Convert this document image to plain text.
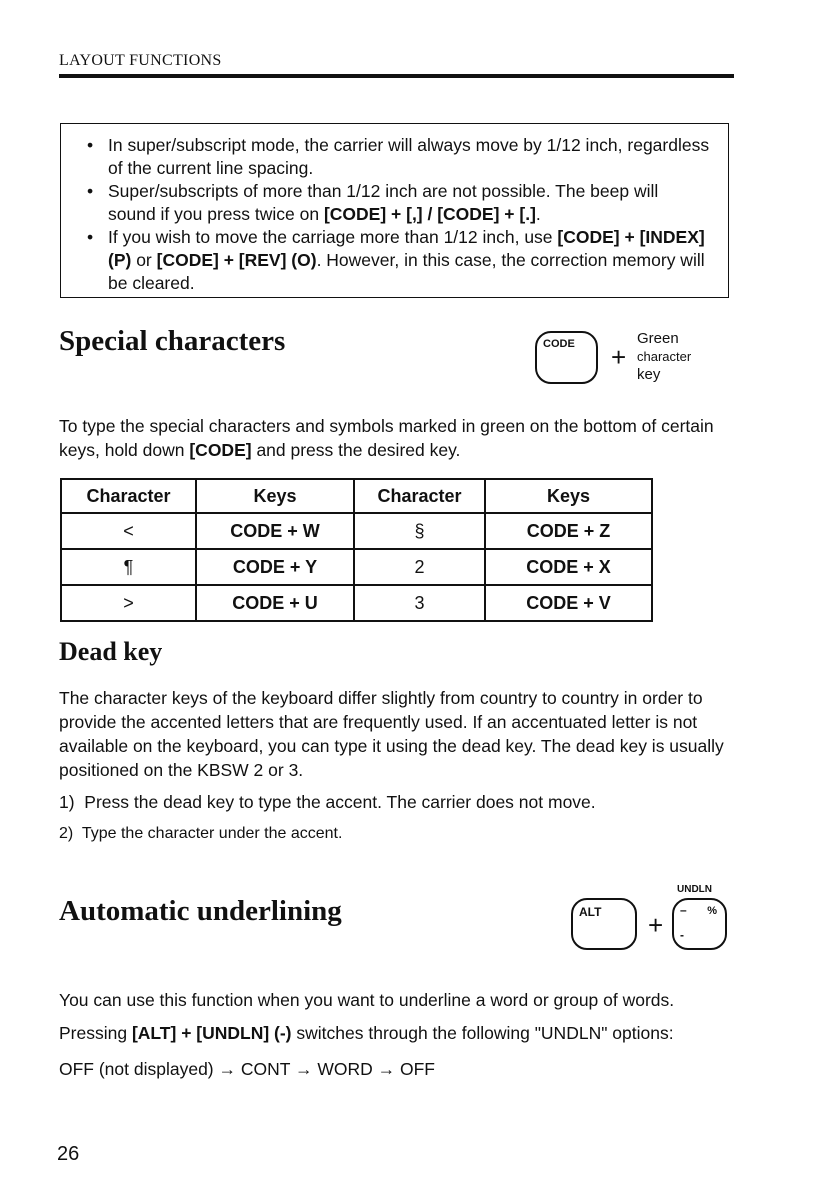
LAYOUT FUNCTIONS
• In super/subscript mode, the carrier will always move by 1/12 inch, regardless of the current line spacing.
• Super/subscripts of more than 1/12 inch are not possible. The beep will sound if you press twice on [CODE] + [,] / [CODE] + [.].
• If you wish to move the carriage more than 1/12 inch, use [CODE] + [INDEX] (P) or [CODE] + [REV] (O). However, in this case, the correction memory will be cleared.
Special characters	CODE +
Green
character
key
To type the special characters and symbols marked in green on the bottom of certain keys, hold down [CODE] and press the desired key.
Character	Keys	Character	Keys
<	CODE + W	§	CODE + Z
¶	CODE + Y	2	CODE + X
>	CODE + U	3	CODE + V
Dead key
The character keys of the keyboard differ slightly from country to country in order to provide the accented letters that are frequently used. If an accentuated letter is not available on the keyboard, you can type it using the dead key. The dead key is usually positioned on the KBSW 2 or 3.
1) Press the dead key to type the accent. The carrier does not move.
2) Type the character under the accent.
Automatic underlining	ALT +
UNDLN
– %
-
You can use this function when you want to underline a word or group of words.
Pressing [ALT] + [UNDLN] (-) switches through the following "UNDLN" options:
OFF (not displayed) → CONT → WORD → OFF
26
